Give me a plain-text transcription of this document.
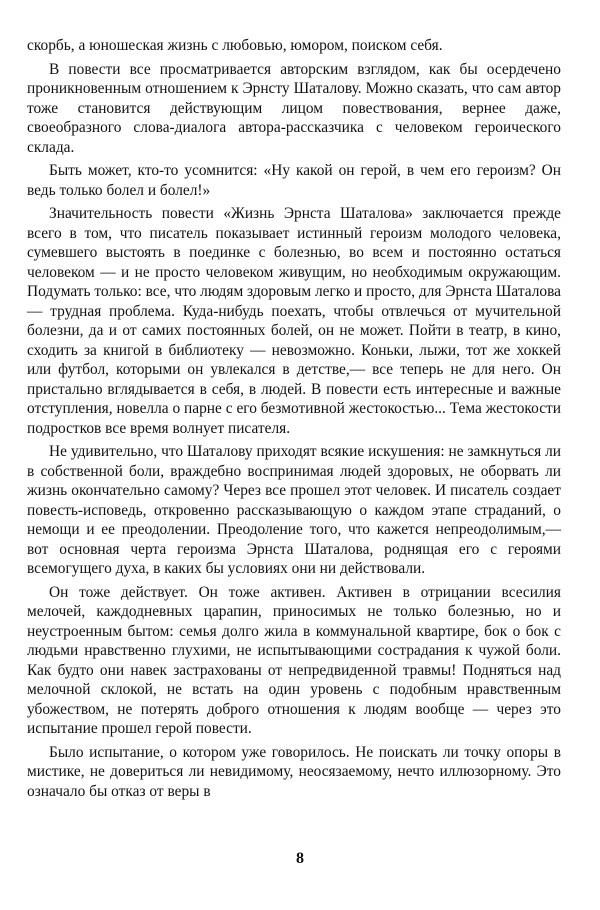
скорбь, а юношеская жизнь с любовью, юмором, поиском себя.

В повести все просматривается авторским взглядом, как бы осердечено проникновенным отношением к Эрнсту Шаталову. Можно сказать, что сам автор тоже становится действующим лицом повествования, вернее даже, своеобразного слова-диалога автора-рассказчика с человеком героического склада.

Быть может, кто-то усомнится: «Ну какой он герой, в чем его героизм? Он ведь только болел и болел!»

Значительность повести «Жизнь Эрнста Шаталова» заключается прежде всего в том, что писатель показывает истинный героизм молодого человека, сумевшего выстоять в поединке с болезнью, во всем и постоянно остаться человеком — и не просто человеком живущим, но необходимым окружающим. Подумать только: все, что людям здоровым легко и просто, для Эрнста Шаталова — трудная проблема. Куда-нибудь поехать, чтобы отвлечься от мучительной болезни, да и от самих постоянных болей, он не может. Пойти в театр, в кино, сходить за книгой в библиотеку — невозможно. Коньки, лыжи, тот же хоккей или футбол, которыми он увлекался в детстве,— все теперь не для него. Он пристально вглядывается в себя, в людей. В повести есть интересные и важные отступления, новелла о парне с его безмотивной жестокостью... Тема жестокости подростков все время волнует писателя.

Не удивительно, что Шаталову приходят всякие искушения: не замкнуться ли в собственной боли, враждебно воспринимая людей здоровых, не оборвать ли жизнь окончательно самому? Через все прошел этот человек. И писатель создает повесть-исповедь, откровенно рассказывающую о каждом этапе страданий, о немощи и ее преодолении. Преодоление того, что кажется непреодолимым,— вот основная черта героизма Эрнста Шаталова, роднящая его с героями всемогущего духа, в каких бы условиях они ни действовали.

Он тоже действует. Он тоже активен. Активен в отрицании всесилия мелочей, каждодневных царапин, приносимых не только болезнью, но и неустроенным бытом: семья долго жила в коммунальной квартире, бок о бок с людьми нравственно глухими, не испытывающими сострадания к чужой боли. Как будто они навек застрахованы от непредвиденной травмы! Подняться над мелочной склокой, не встать на один уровень с подобным нравственным убожеством, не потерять доброго отношения к людям вообще — через это испытание прошел герой повести.

Было испытание, о котором уже говорилось. Не поискать ли точку опоры в мистике, не довериться ли невидимому, неосязаемому, нечто иллюзорному. Это означало бы отказ от веры в

8
